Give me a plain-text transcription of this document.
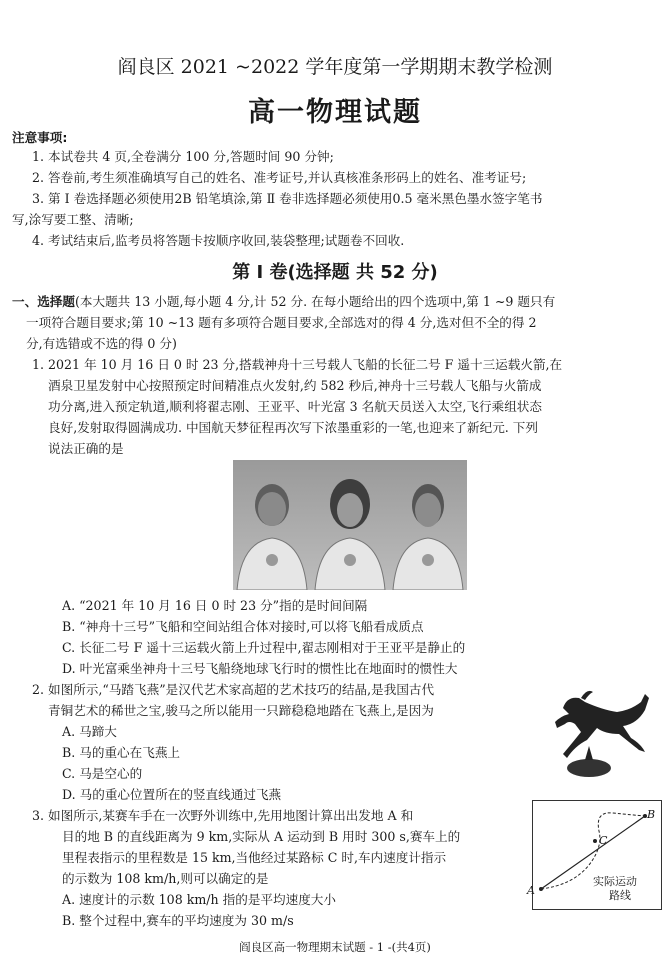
阎良区 2021 ~2022 学年度第一学期期末教学检测
高一物理试题
注意事项:
1. 本试卷共 4 页,全卷满分 100 分,答题时间 90 分钟;
2. 答卷前,考生须准确填写自己的姓名、准考证号,并认真核准条形码上的姓名、准考证号;
3. 第 Ⅰ 卷选择题必须使用2B 铅笔填涂,第 Ⅱ 卷非选择题必须使用0.5 毫米黑色墨水签字笔书
写,涂写要工整、清晰;
4. 考试结束后,监考员将答题卡按顺序收回,装袋整理;试题卷不回收.
第 Ⅰ 卷(选择题 共 52 分)
一、选择题(本大题共 13 小题,每小题 4 分,计 52 分. 在每小题给出的四个选项中,第 1 ~9 题只有
一项符合题目要求;第 10 ~13 题有多项符合题目要求,全部选对的得 4 分,选对但不全的得 2
分,有选错或不选的得 0 分)
1. 2021 年 10 月 16 日 0 时 23 分,搭载神舟十三号载人飞船的长征二号 F 遥十三运载火箭,在
酒泉卫星发射中心按照预定时间精准点火发射,约 582 秒后,神舟十三号载人飞船与火箭成
功分离,进入预定轨道,顺利将翟志刚、王亚平、叶光富 3 名航天员送入太空,飞行乘组状态
良好,发射取得圆满成功. 中国航天梦征程再次写下浓墨重彩的一笔,也迎来了新纪元. 下列
说法正确的是
A. “2021 年 10 月 16 日 0 时 23 分”指的是时间间隔
B. “神舟十三号”飞船和空间站组合体对接时,可以将飞船看成质点
C. 长征二号 F 遥十三运载火箭上升过程中,翟志刚相对于王亚平是静止的
D. 叶光富乘坐神舟十三号飞船绕地球飞行时的惯性比在地面时的惯性大
2. 如图所示,“马踏飞燕”是汉代艺术家高超的艺术技巧的结晶,是我国古代
青铜艺术的稀世之宝,骏马之所以能用一只蹄稳稳地踏在飞燕上,是因为
A. 马蹄大
B. 马的重心在飞燕上
C. 马是空心的
D. 马的重心位置所在的竖直线通过飞燕
3. 如图所示,某赛车手在一次野外训练中,先用地图计算出出发地 A 和
目的地 B 的直线距离为 9 km,实际从 A 运动到 B 用时 300 s,赛车上的
里程表指示的里程数是 15 km,当他经过某路标 C 时,车内速度计指示
的示数为 108 km/h,则可以确定的是
A. 速度计的示数 108 km/h 指的是平均速度大小
B. 整个过程中,赛车的平均速度为 30 m/s
A
B
C
实际运动
路线
阎良区高一物理期末试题 - 1 -(共4页)
